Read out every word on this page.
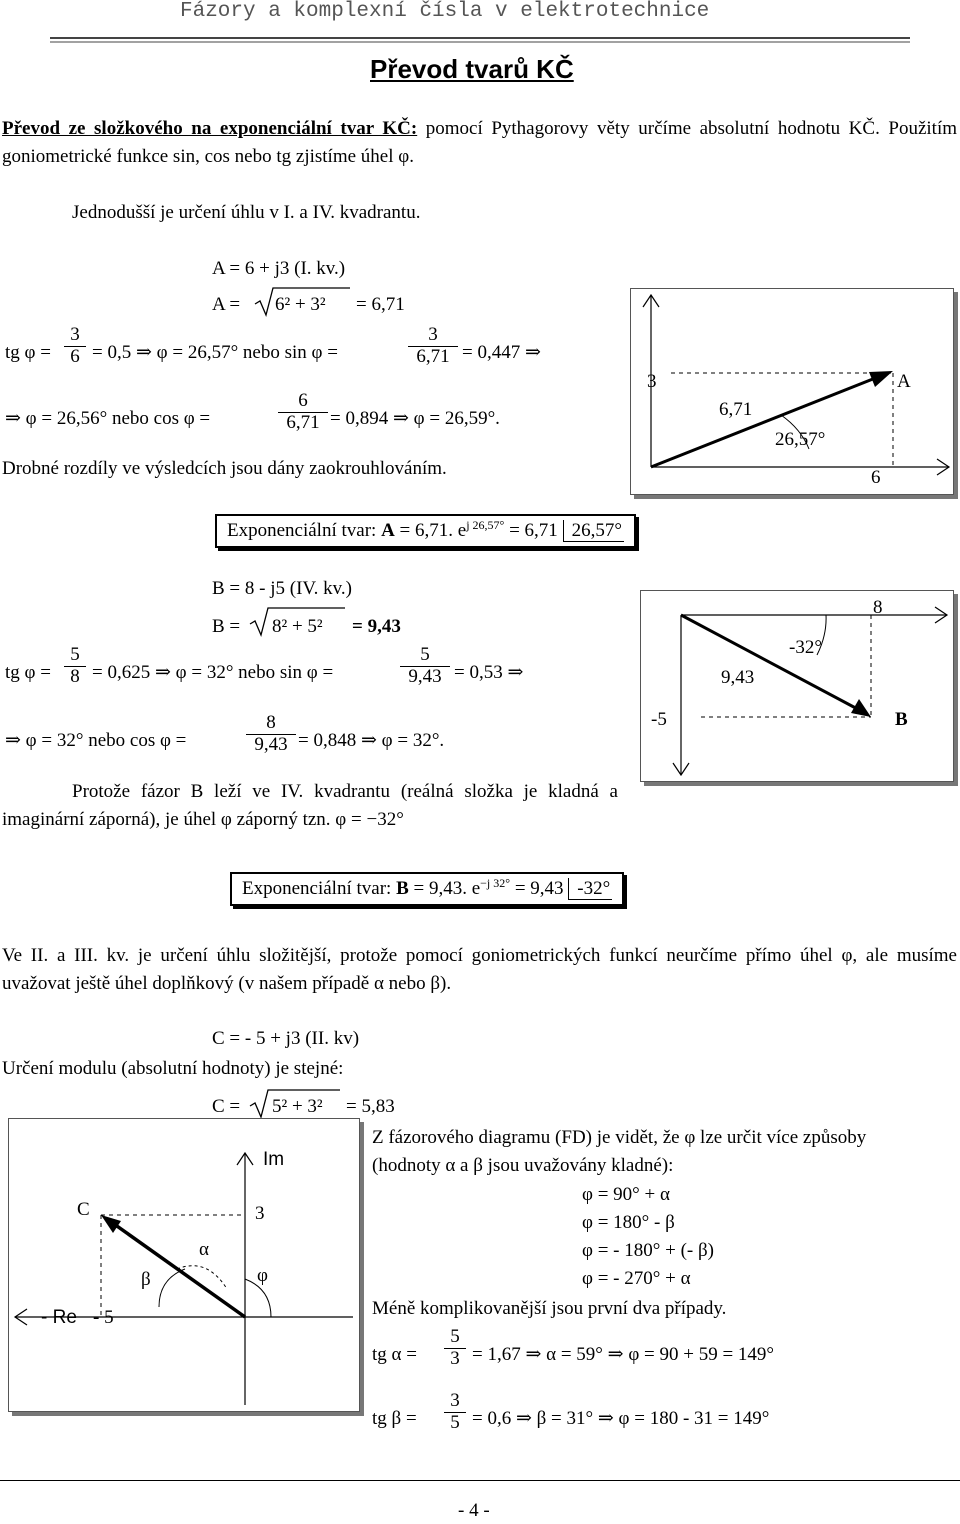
Fázory a komplexní čísla v elektrotechnice
Převod tvarů KČ
Převod ze složkového na exponenciální tvar KČ: pomocí Pythagorovy věty určíme absolutní hodnotu KČ. Použitím goniometrické funkce sin, cos nebo tg zjistíme úhel φ.
Jednodušší je určení úhlu v I. a IV. kvadrantu.
A = 6 + j3 (I. kv.)
A = 6² + 3² = 6,71
tg $\varphi = \frac{3}{6} = 0,5$ ⇒ φ = 26,57° nebo sin φ =	$\frac{3}{6,71} = 0,447$ ⇒
⇒ φ = 26,56° nebo cos φ =	$\frac{6}{6,71} = 0,894$ ⇒ φ = 26,59°.
Drobné rozdíly ve výsledcích jsou dány zaokrouhlováním.
3
6
A
6,71
26,57°
Exponenciální tvar: A = 6,71. $e^{j 26,57^\circ} = 6,71$ 26,57°
B = 8 - j5 (IV. kv.)
B = 8² + 5² = 9,43
tg $\varphi = \frac{5}{8} = 0,625$ ⇒ φ = 32° nebo sin φ =	$\frac{5}{9,43} = 0,53$ ⇒
⇒ φ = 32° nebo cos φ =	$\frac{8}{9,43} = 0,848$ ⇒ φ = 32°.
Protože fázor B leží ve IV. kvadrantu (reálná složka je kladná a imaginární záporná), je úhel φ záporný tzn. φ = −32°
8
-5	B
9,43
-32°
Exponenciální tvar: B = 9,43. $e^{-j 32^\circ} = 9,43$ -32°
Ve II. a III. kv. je určení úhlu složitější, protože pomocí goniometrických funkcí neurčíme přímo úhel φ, ale musíme uvažovat ještě úhel doplňkový (v našem případě α nebo β).
C = - 5 + j3 (II. kv)
Určení modulu (absolutní hodnoty) je stejné:
C = 5² + 3² = 5,83
Im
- Re - 5
3
C
α
β	φ
Z fázorového diagramu (FD) je vidět, že φ lze určit více způsoby (hodnoty α a β jsou uvažovány kladné):
φ = 90° + α
φ = 180° - β
φ = - 180° + (- β)
φ = - 270° + α
Méně komplikovanější jsou první dva případy.
tg $\alpha = \frac{5}{3} = 1,67$ ⇒ α = 59° ⇒ φ = 90 + 59 = 149°
tg $\beta = \frac{3}{5} = 0,6$ ⇒ β = 31° ⇒ φ = 180 - 31 = 149°
- 4 -
